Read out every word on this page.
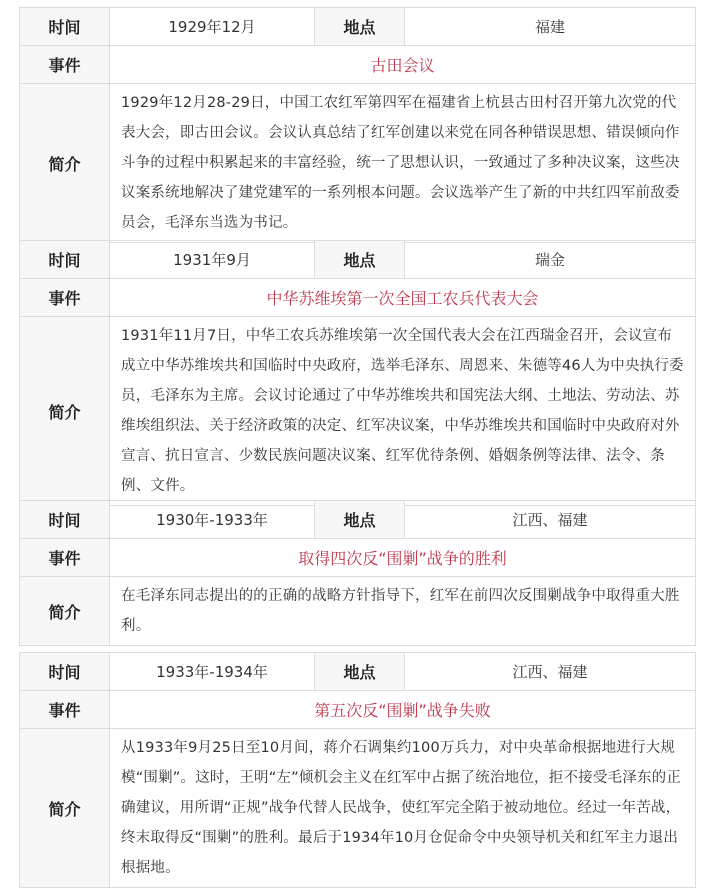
时间	1929年12月	地点	福建
事件	古田会议		
简介	1929年12月28-29日，中国工农红军第四军在福建省上杭县古田村召开第九次党的代表大会，即古田会议。会议认真总结了红军创建以来党在同各种错误思想、错误倾向作斗争的过程中积累起来的丰富经验，统一了思想认识，一致通过了多种决议案，这些决议案系统地解决了建党建军的一系列根本问题。会议选举产生了新的中共红四军前敌委员会，毛泽东当选为书记。		
时间	1931年9月	地点	瑞金
事件	中华苏维埃第一次全国工农兵代表大会		
简介	1931年11月7日，中华工农兵苏维埃第一次全国代表大会在江西瑞金召开，会议宣布成立中华苏维埃共和国临时中央政府，选举毛泽东、周恩来、朱德等46人为中央执行委员，毛泽东为主席。会议讨论通过了中华苏维埃共和国宪法大纲、土地法、劳动法、苏维埃组织法、关于经济政策的决定、红军决议案，中华苏维埃共和国临时中央政府对外宣言、抗日宣言、少数民族问题决议案、红军优待条例、婚姻条例等法律、法令、条例、文件。		
时间	1930年-1933年	地点	江西、福建
事件	取得四次反“围剿”战争的胜利		
简介	在毛泽东同志提出的的正确的战略方针指导下，红军在前四次反围剿战争中取得重大胜利。		
时间	1933年-1934年	地点	江西、福建
事件	第五次反“围剿”战争失败		
简介	从1933年9月25日至10月间，蒋介石调集约100万兵力，对中央革命根据地进行大规模“围剿”。这时，王明“左”倾机会主义在红军中占据了统治地位，拒不接受毛泽东的正确建议，用所谓“正规”战争代替人民战争，使红军完全陷于被动地位。经过一年苦战，终末取得反“围剿”的胜利。最后于1934年10月仓促命令中央领导机关和红军主力退出根据地。		
